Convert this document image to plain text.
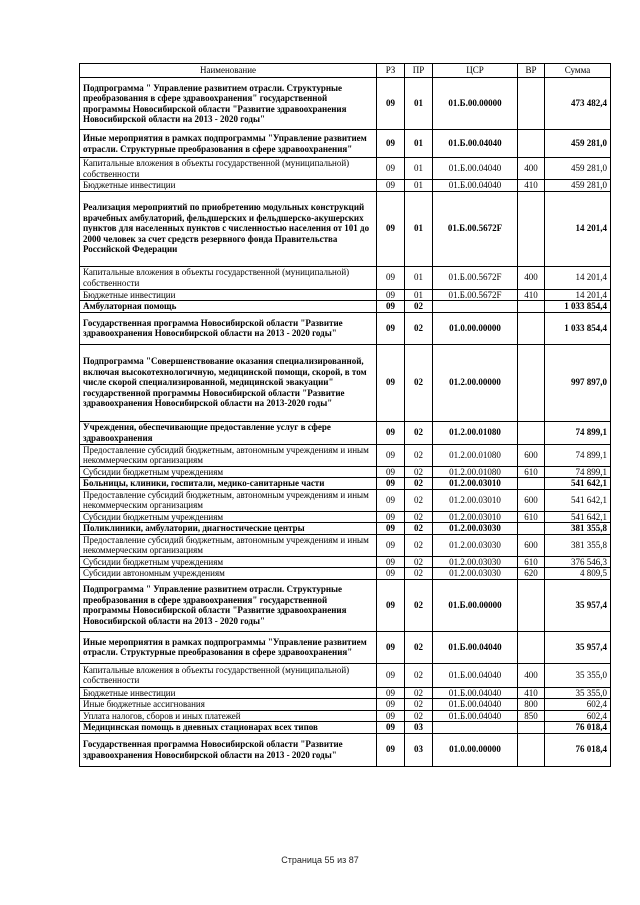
Наименование	РЗ	ПР	ЦСР	ВР	Сумма
Подпрограмма " Управление развитием отрасли. Структурные преобразования в сфере здравоохранения" государственной программы Новосибирской области "Развитие здравоохранения Новосибирской области на 2013 - 2020 годы"	09	01	01.Б.00.00000		473 482,4
Иные мероприятия в рамках подпрограммы "Управление развитием отрасли. Структурные преобразования в сфере здравоохранения"	09	01	01.Б.00.04040		459 281,0
Капитальные вложения в объекты государственной (муниципальной) собственности	09	01	01.Б.00.04040	400	459 281,0
Бюджетные инвестиции	09	01	01.Б.00.04040	410	459 281,0
Реализация мероприятий по приобретению модульных конструкций врачебных амбулаторий, фельдшерских и фельдшерско-акушерских пунктов для населенных пунктов с численностью населения от 101 до 2000 человек за счет средств резервного фонда Правительства Российской Федерации	09	01	01.Б.00.5672F		14 201,4
Капитальные вложения в объекты государственной (муниципальной) собственности	09	01	01.Б.00.5672F	400	14 201,4
Бюджетные инвестиции	09	01	01.Б.00.5672F	410	14 201,4
Амбулаторная помощь	09	02			1 033 854,4
Государственная программа Новосибирской области "Развитие здравоохранения Новосибирской области на 2013 - 2020 годы"	09	02	01.0.00.00000		1 033 854,4
Подпрограмма "Совершенствование оказания специализированной, включая высокотехнологичную, медицинской помощи, скорой, в том числе скорой специализированной, медицинской эвакуации" государственной программы Новосибирской области "Развитие здравоохранения Новосибирской области на 2013-2020 годы"	09	02	01.2.00.00000		997 897,0
Учреждения, обеспечивающие предоставление услуг в сфере здравоохранения	09	02	01.2.00.01080		74 899,1
Предоставление субсидий бюджетным, автономным учреждениям и иным некоммерческим организациям	09	02	01.2.00.01080	600	74 899,1
Субсидии бюджетным учреждениям	09	02	01.2.00.01080	610	74 899,1
Больницы, клиники, госпитали, медико-санитарные части	09	02	01.2.00.03010		541 642,1
Предоставление субсидий бюджетным, автономным учреждениям и иным некоммерческим организациям	09	02	01.2.00.03010	600	541 642,1
Субсидии бюджетным учреждениям	09	02	01.2.00.03010	610	541 642,1
Поликлиники, амбулатории, диагностические центры	09	02	01.2.00.03030		381 355,8
Предоставление субсидий бюджетным, автономным учреждениям и иным некоммерческим организациям	09	02	01.2.00.03030	600	381 355,8
Субсидии бюджетным учреждениям	09	02	01.2.00.03030	610	376 546,3
Субсидии автономным учреждениям	09	02	01.2.00.03030	620	4 809,5
Подпрограмма " Управление развитием отрасли. Структурные преобразования в сфере здравоохранения" государственной программы Новосибирской области "Развитие здравоохранения Новосибирской области на 2013 - 2020 годы"	09	02	01.Б.00.00000		35 957,4
Иные мероприятия в рамках подпрограммы "Управление развитием отрасли. Структурные преобразования в сфере здравоохранения"	09	02	01.Б.00.04040		35 957,4
Капитальные вложения в объекты государственной (муниципальной) собственности	09	02	01.Б.00.04040	400	35 355,0
Бюджетные инвестиции	09	02	01.Б.00.04040	410	35 355,0
Иные бюджетные ассигнования	09	02	01.Б.00.04040	800	602,4
Уплата налогов, сборов и иных платежей	09	02	01.Б.00.04040	850	602,4
Медицинская помощь в дневных стационарах всех типов	09	03			76 018,4
Государственная программа Новосибирской области "Развитие здравоохранения Новосибирской области на 2013 - 2020 годы"	09	03	01.0.00.00000		76 018,4
Страница 55 из 87
